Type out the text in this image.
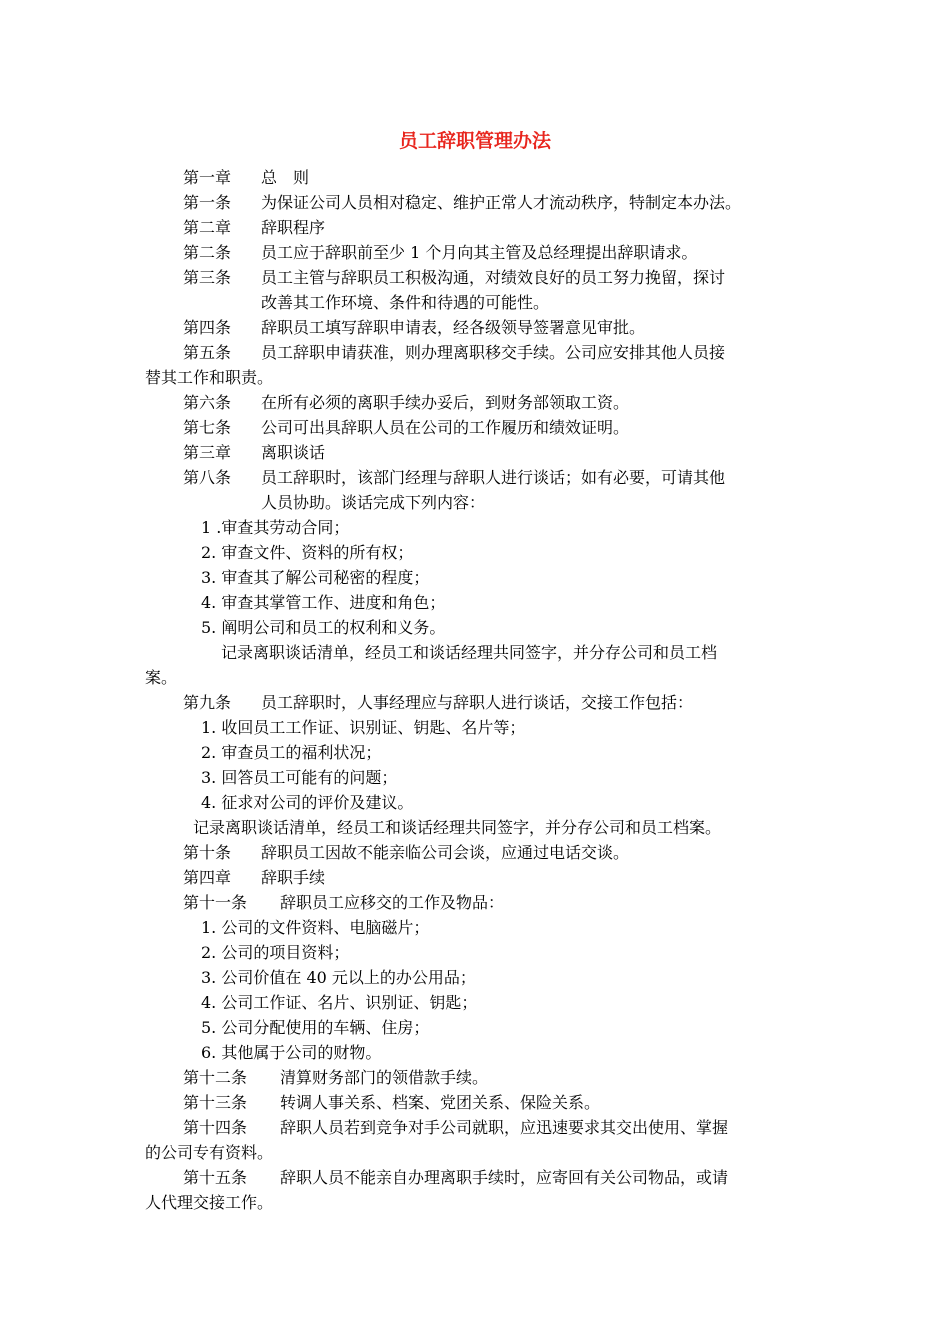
员工辞职管理办法
第一章 总　则
第一条 为保证公司人员相对稳定、维护正常人才流动秩序，特制定本办法。
第二章 辞职程序
第二条 员工应于辞职前至少 1 个月向其主管及总经理提出辞职请求。
第三条 员工主管与辞职员工积极沟通，对绩效良好的员工努力挽留，探讨
改善其工作环境、条件和待遇的可能性。
第四条 辞职员工填写辞职申请表，经各级领导签署意见审批。
第五条 员工辞职申请获准，则办理离职移交手续。公司应安排其他人员接
替其工作和职责。
第六条 在所有必须的离职手续办妥后，到财务部领取工资。
第七条 公司可出具辞职人员在公司的工作履历和绩效证明。
第三章 离职谈话
第八条 员工辞职时，该部门经理与辞职人进行谈话；如有必要，可请其他
人员协助。谈话完成下列内容：
1 .审查其劳动合同；
2. 审查文件、资料的所有权；
3. 审查其了解公司秘密的程度；
4. 审查其掌管工作、进度和角色；
5. 阐明公司和员工的权利和义务。
记录离职谈话清单，经员工和谈话经理共同签字，并分存公司和员工档
案。
第九条 员工辞职时，人事经理应与辞职人进行谈话，交接工作包括：
1. 收回员工工作证、识别证、钥匙、名片等；
2. 审查员工的福利状况；
3. 回答员工可能有的问题；
4. 征求对公司的评价及建议。
记录离职谈话清单，经员工和谈话经理共同签字，并分存公司和员工档案。
第十条 辞职员工因故不能亲临公司会谈，应通过电话交谈。
第四章 辞职手续
第十一条 辞职员工应移交的工作及物品：
1. 公司的文件资料、电脑磁片；
2. 公司的项目资料；
3. 公司价值在 40 元以上的办公用品；
4. 公司工作证、名片、识别证、钥匙；
5. 公司分配使用的车辆、住房；
6. 其他属于公司的财物。
第十二条 清算财务部门的领借款手续。
第十三条 转调人事关系、档案、党团关系、保险关系。
第十四条 辞职人员若到竞争对手公司就职，应迅速要求其交出使用、掌握
的公司专有资料。
第十五条 辞职人员不能亲自办理离职手续时，应寄回有关公司物品，或请
人代理交接工作。
